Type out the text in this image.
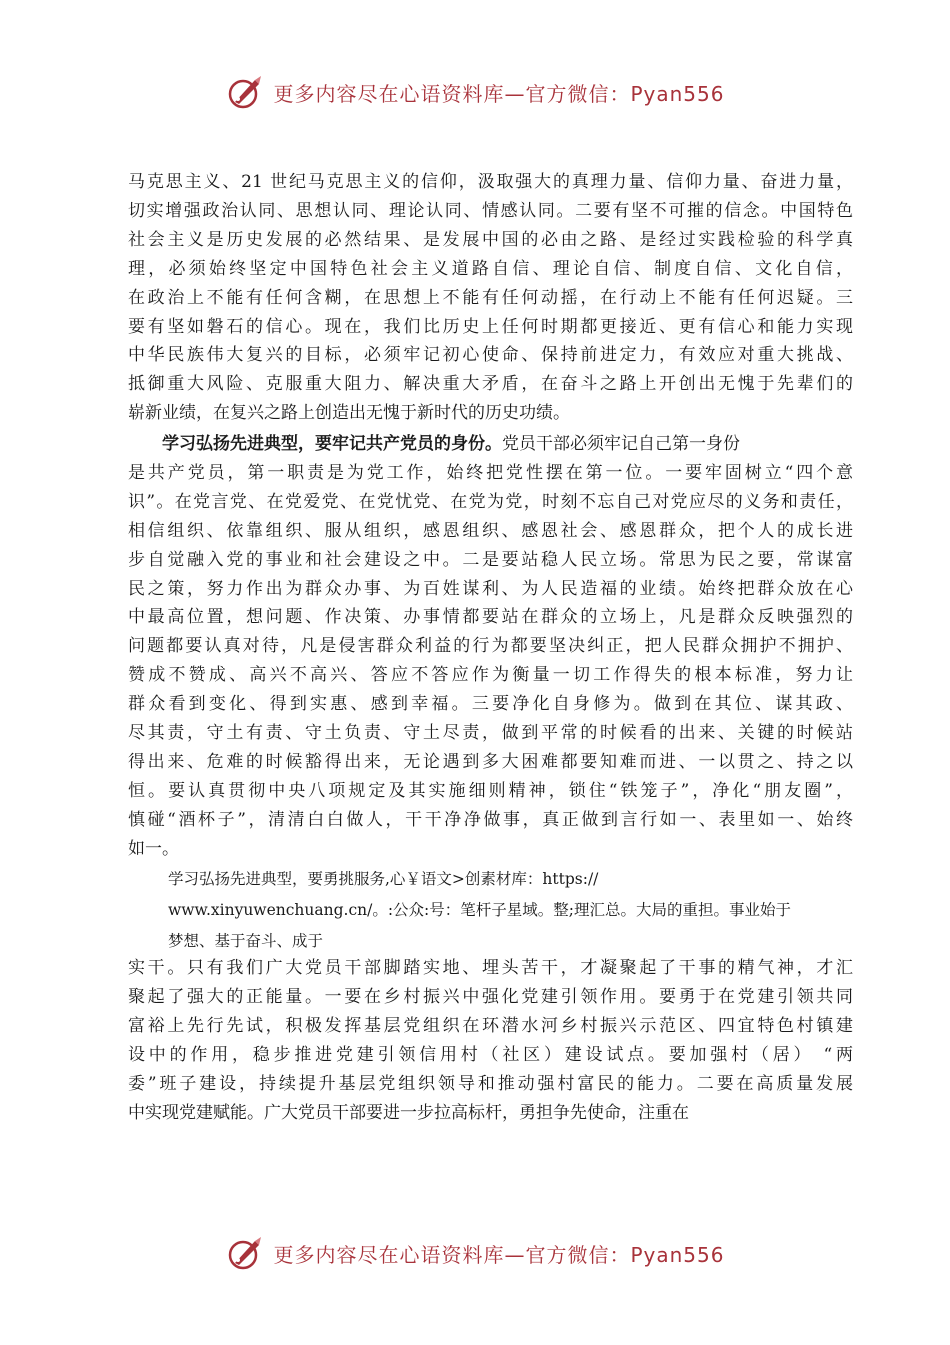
更多内容尽在心语资料库—官方微信：Pyan556
马克思主义、21 世纪马克思主义的信仰，汲取强大的真理力量、信仰力量、奋进力量，
切实增强政治认同、思想认同、理论认同、情感认同。二要有坚不可摧的信念。中国特色
社会主义是历史发展的必然结果、是发展中国的必由之路、是经过实践检验的科学真
理，必须始终坚定中国特色社会主义道路自信、理论自信、制度自信、文化自信，
在政治上不能有任何含糊，在思想上不能有任何动摇，在行动上不能有任何迟疑。三
要有坚如磐石的信心。现在，我们比历史上任何时期都更接近、更有信心和能力实现
中华民族伟大复兴的目标，必须牢记初心使命、保持前进定力，有效应对重大挑战、
抵御重大风险、克服重大阻力、解决重大矛盾，在奋斗之路上开创出无愧于先辈们的
崭新业绩，在复兴之路上创造出无愧于新时代的历史功绩。
学习弘扬先进典型，要牢记共产党员的身份。党员干部必须牢记自己第一身份
是共产党员，第一职责是为党工作，始终把党性摆在第一位。一要牢固树立“四个意
识”。在党言党、在党爱党、在党忧党、在党为党，时刻不忘自己对党应尽的义务和责任，
相信组织、依靠组织、服从组织，感恩组织、感恩社会、感恩群众，把个人的成长进
步自觉融入党的事业和社会建设之中。二是要站稳人民立场。常思为民之要，常谋富
民之策，努力作出为群众办事、为百姓谋利、为人民造福的业绩。始终把群众放在心
中最高位置，想问题、作决策、办事情都要站在群众的立场上，凡是群众反映强烈的
问题都要认真对待，凡是侵害群众利益的行为都要坚决纠正，把人民群众拥护不拥护、
赞成不赞成、高兴不高兴、答应不答应作为衡量一切工作得失的根本标准，努力让
群众看到变化、得到实惠、感到幸福。三要净化自身修为。做到在其位、谋其政、
尽其责，守土有责、守土负责、守土尽责，做到平常的时候看的出来、关键的时候站
得出来、危难的时候豁得出来，无论遇到多大困难都要知难而进、一以贯之、持之以
恒。要认真贯彻中央八项规定及其实施细则精神，锁住“铁笼子”，净化“朋友圈”，
慎碰“酒杯子”，清清白白做人，干干净净做事，真正做到言行如一、表里如一、始终
如一。
学习弘扬先进典型，要勇挑服务,心￥语文>创素材库：https://
www.xinyuwenchuang.cn/。:公众:号：笔杆子星域。整;理汇总。大局的重担。事业始于
梦想、基于奋斗、成于
实干。只有我们广大党员干部脚踏实地、埋头苦干，才凝聚起了干事的精气神，才汇
聚起了强大的正能量。一要在乡村振兴中强化党建引领作用。要勇于在党建引领共同
富裕上先行先试，积极发挥基层党组织在环潜水河乡村振兴示范区、四宜特色村镇建
设中的作用，稳步推进党建引领信用村（社区）建设试点。要加强村（居） “两
委”班子建设，持续提升基层党组织领导和推动强村富民的能力。二要在高质量发展
中实现党建赋能。广大党员干部要进一步拉高标杆，勇担争先使命，注重在
更多内容尽在心语资料库—官方微信：Pyan556
